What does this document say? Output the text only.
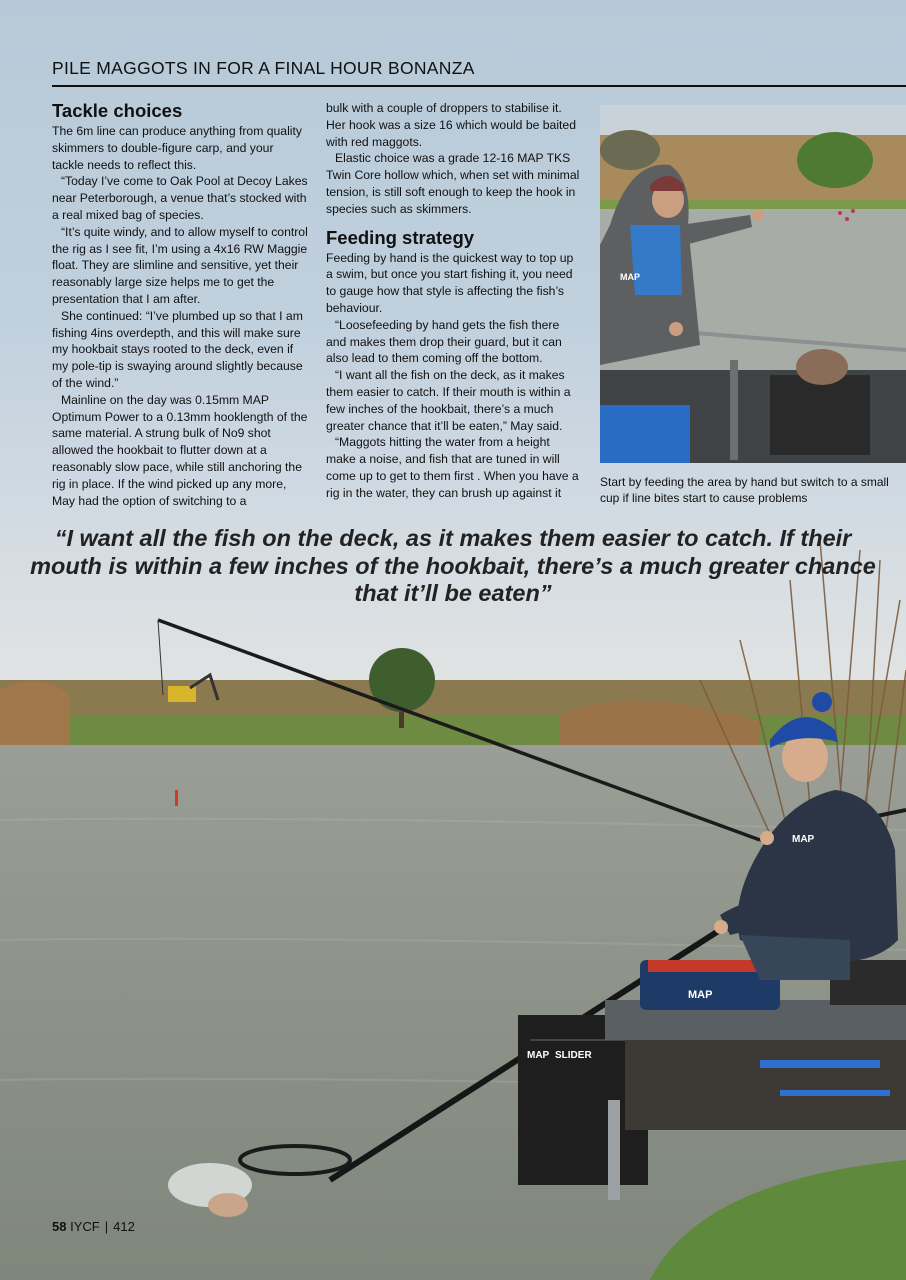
MAP SLIDER
MAP
MAP
PILE MAGGOTS IN FOR A FINAL HOUR BONANZA
Tackle choices

The 6m line can produce anything from quality skimmers to double-figure carp, and your tackle needs to reflect this.

“Today I’ve come to Oak Pool at Decoy Lakes near Peterborough, a venue that’s stocked with a real mixed bag of species.

“It’s quite windy, and to allow myself to control the rig as I see fit, I’m using a 4x16 RW Maggie float. They are slimline and sensitive, yet their reasonably large size helps me to get the presentation that I am after.

She continued: “I’ve plumbed up so that I am fishing 4ins overdepth, and this will make sure my hookbait stays rooted to the deck, even if my pole-tip is swaying around slightly because of the wind.”

Mainline on the day was 0.15mm MAP Optimum Power to a 0.13mm hooklength of the same material. A strung bulk of No9 shot allowed the hookbait to flutter down at a reasonably slow pace, while still anchoring the rig in place. If the wind picked up any more, May had the option of switching to a

bulk with a couple of droppers to stabilise it. Her hook was a size 16 which would be baited with red maggots.

Elastic choice was a grade 12-16 MAP TKS Twin Core hollow which, when set with minimal tension, is still soft enough to keep the hook in species such as skimmers.

Feeding strategy

Feeding by hand is the quickest way to top up a swim, but once you start fishing it, you need to gauge how that style is affecting the fish’s behaviour.

“Loosefeeding by hand gets the fish there and makes them drop their guard, but it can also lead to them coming off the bottom.

“I want all the fish on the deck, as it makes them easier to catch. If their mouth is within a few inches of the hookbait, there’s a much greater chance that it’ll be eaten,” May said.

“Maggots hitting the water from a height make a noise, and fish that are tuned in will come up to get to them first . When you have a rig in the water, they can brush up against it

MAP
Start by feeding the area by hand but switch to a small cup if line bites start to cause problems
“I want all the fish on the deck, as it makes them easier to catch. If their mouth is within a few inches of the hookbait, there’s a much greater chance that it’ll be eaten”
58 IYCF | 412
